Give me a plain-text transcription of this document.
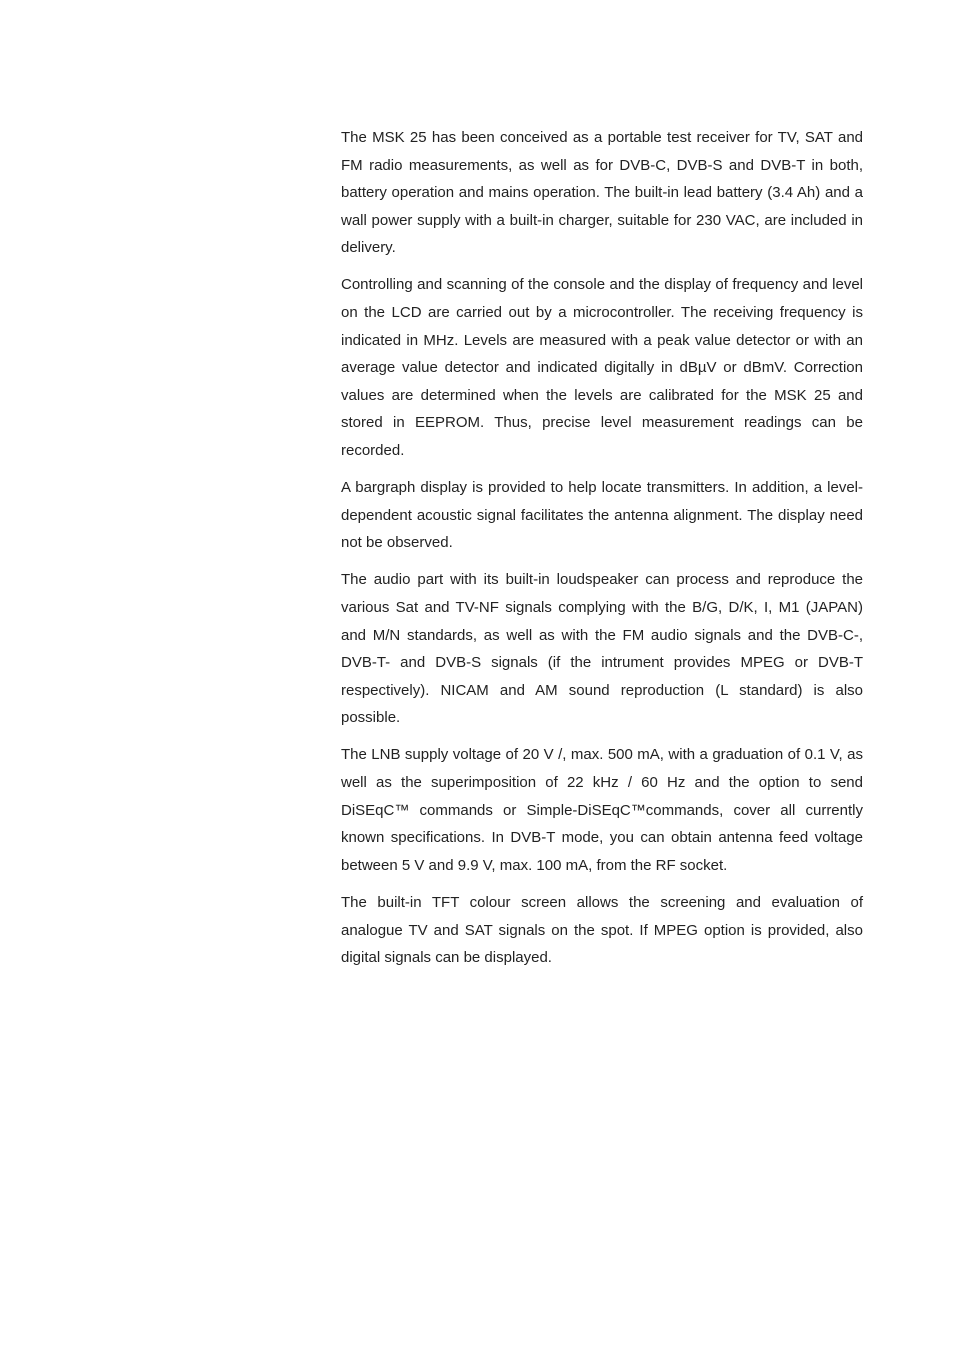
The MSK 25 has been conceived as a portable test receiver for TV, SAT and FM radio measurements, as well as for DVB-C, DVB-S and DVB-T in both, battery operation and mains operation. The built-in lead battery (3.4 Ah) and a wall power supply with a built-in charger, suitable for 230 VAC, are included in delivery.

Controlling and scanning of the console and the display of frequency and level on the LCD are carried out by a microcontroller. The receiving frequency is indicated in MHz. Levels are measured with a peak value detector or with an average value detector and indicated digitally in dBµV or dBmV. Correction values are determined when the levels are calibrated for the MSK 25 and stored in EEPROM. Thus, precise level measurement readings can be recorded.

A bargraph display is provided to help locate transmitters. In addition, a level-dependent acoustic signal facilitates the antenna alignment. The display need not be observed.

The audio part with its built-in loudspeaker can process and reproduce the various Sat and TV-NF signals complying with the B/G, D/K, I, M1 (JAPAN) and M/N standards, as well as with the FM audio signals and the DVB-C-, DVB-T- and DVB-S signals (if the intrument provides MPEG or DVB-T respectively). NICAM and AM sound reproduction (L standard) is also possible.

The LNB supply voltage of 20 V /, max. 500 mA, with a graduation of 0.1 V, as well as the superimposition of 22 kHz / 60 Hz and the option to send DiSEqC™ commands or Simple-DiSEqC™commands, cover all currently known specifications. In DVB-T mode, you can obtain antenna feed voltage between 5 V and 9.9 V, max. 100 mA, from the RF socket.

The built-in TFT colour screen allows the screening and evaluation of analogue TV and SAT signals on the spot. If MPEG option is provided, also digital signals can be displayed.
